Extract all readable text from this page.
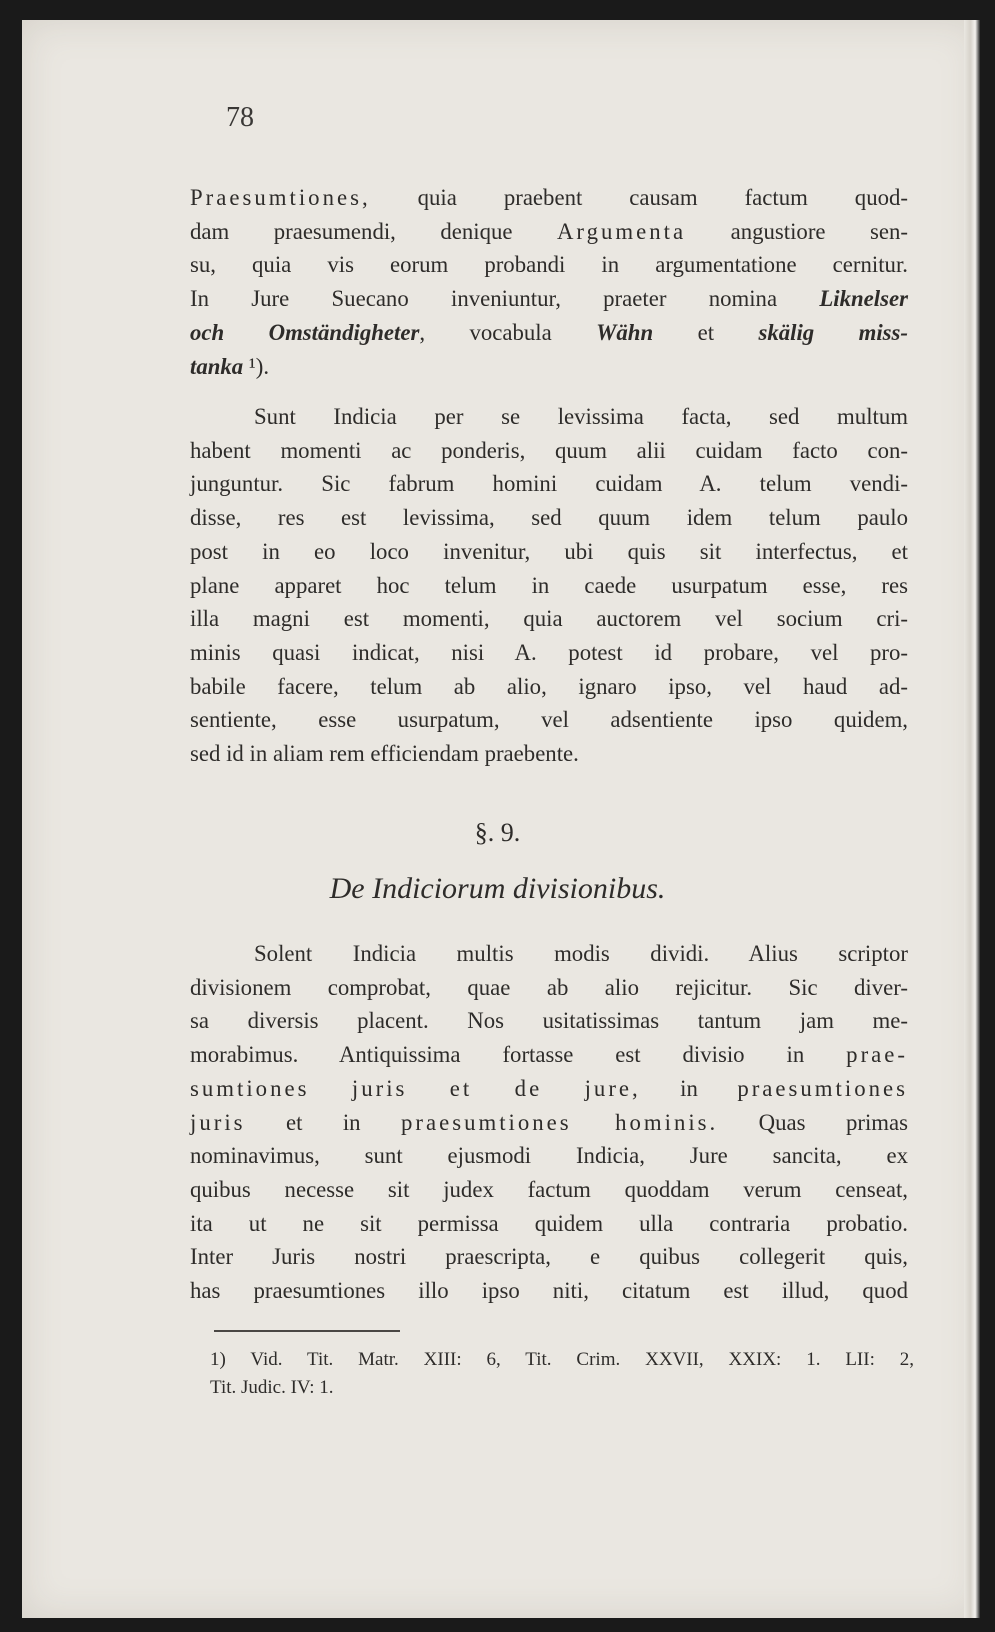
78
Praesumtiones, quia praebent causam factum quod-
dam praesumendi, denique Argumenta angustiore sen-
su, quia vis eorum probandi in argumentatione cernitur.
In Jure Suecano inveniuntur, praeter nomina Liknelser
och Omständigheter, vocabula Wähn et skälig miss-
tanka ¹).
Sunt Indicia per se levissima facta, sed multum
habent momenti ac ponderis, quum alii cuidam facto con-
junguntur. Sic fabrum homini cuidam A. telum vendi-
disse, res est levissima, sed quum idem telum paulo
post in eo loco invenitur, ubi quis sit interfectus, et
plane apparet hoc telum in caede usurpatum esse, res
illa magni est momenti, quia auctorem vel socium cri-
minis quasi indicat, nisi A. potest id probare, vel pro-
babile facere, telum ab alio, ignaro ipso, vel haud ad-
sentiente, esse usurpatum, vel adsentiente ipso quidem,
sed id in aliam rem efficiendam praebente.
§. 9.
De Indiciorum divisionibus.
Solent Indicia multis modis dividi. Alius scriptor
divisionem comprobat, quae ab alio rejicitur. Sic diver-
sa diversis placent. Nos usitatissimas tantum jam me-
morabimus. Antiquissima fortasse est divisio in prae-
sumtiones juris et de jure, in praesumtiones
juris et in praesumtiones hominis. Quas primas
nominavimus, sunt ejusmodi Indicia, Jure sancita, ex
quibus necesse sit judex factum quoddam verum censeat,
ita ut ne sit permissa quidem ulla contraria probatio.
Inter Juris nostri praescripta, e quibus collegerit quis,
has praesumtiones illo ipso niti, citatum est illud, quod
1) Vid. Tit. Matr. XIII: 6, Tit. Crim. XXVII, XXIX: 1. LII: 2,
Tit. Judic. IV: 1.
